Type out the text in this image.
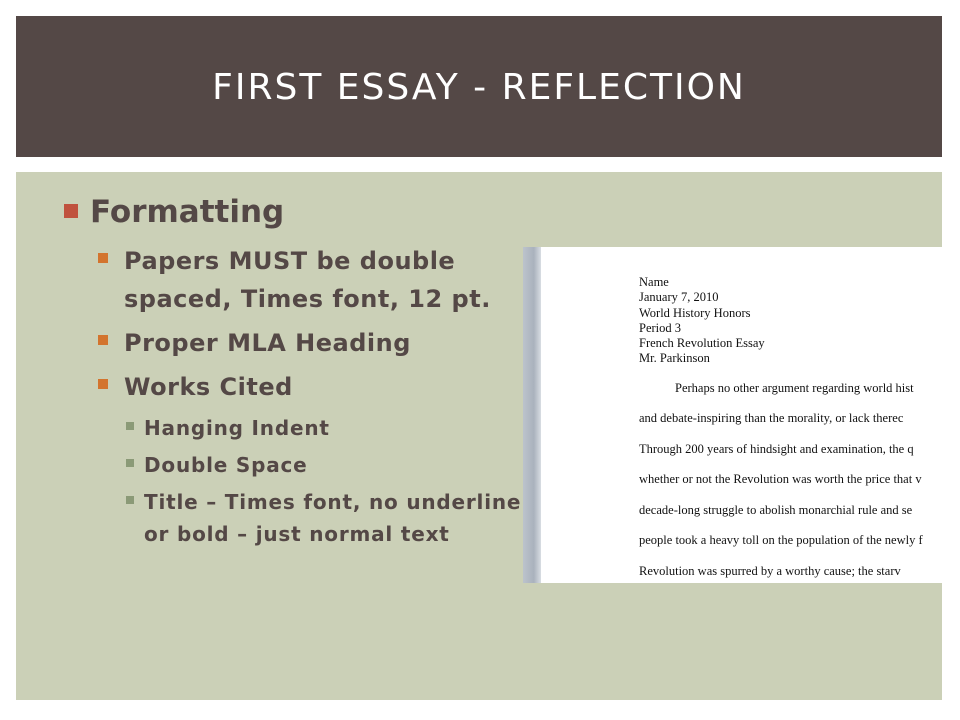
FIRST ESSAY - REFLECTION
Formatting
Papers MUST be double spaced, Times font, 12 pt.
Proper MLA Heading
Works Cited
Hanging Indent
Double Space
Title – Times font, no underline or bold – just normal text
Name
January 7, 2010
World History Honors
Period 3
French Revolution Essay
Mr. Parkinson
Perhaps no other argument regarding world hist
and debate-inspiring than the morality, or lack therec
Through 200 years of hindsight and examination, the q
whether or not the Revolution was worth the price that v
decade-long struggle to abolish monarchial rule and se
people took a heavy toll on the population of the newly f
Revolution was spurred by a worthy cause; the starv
